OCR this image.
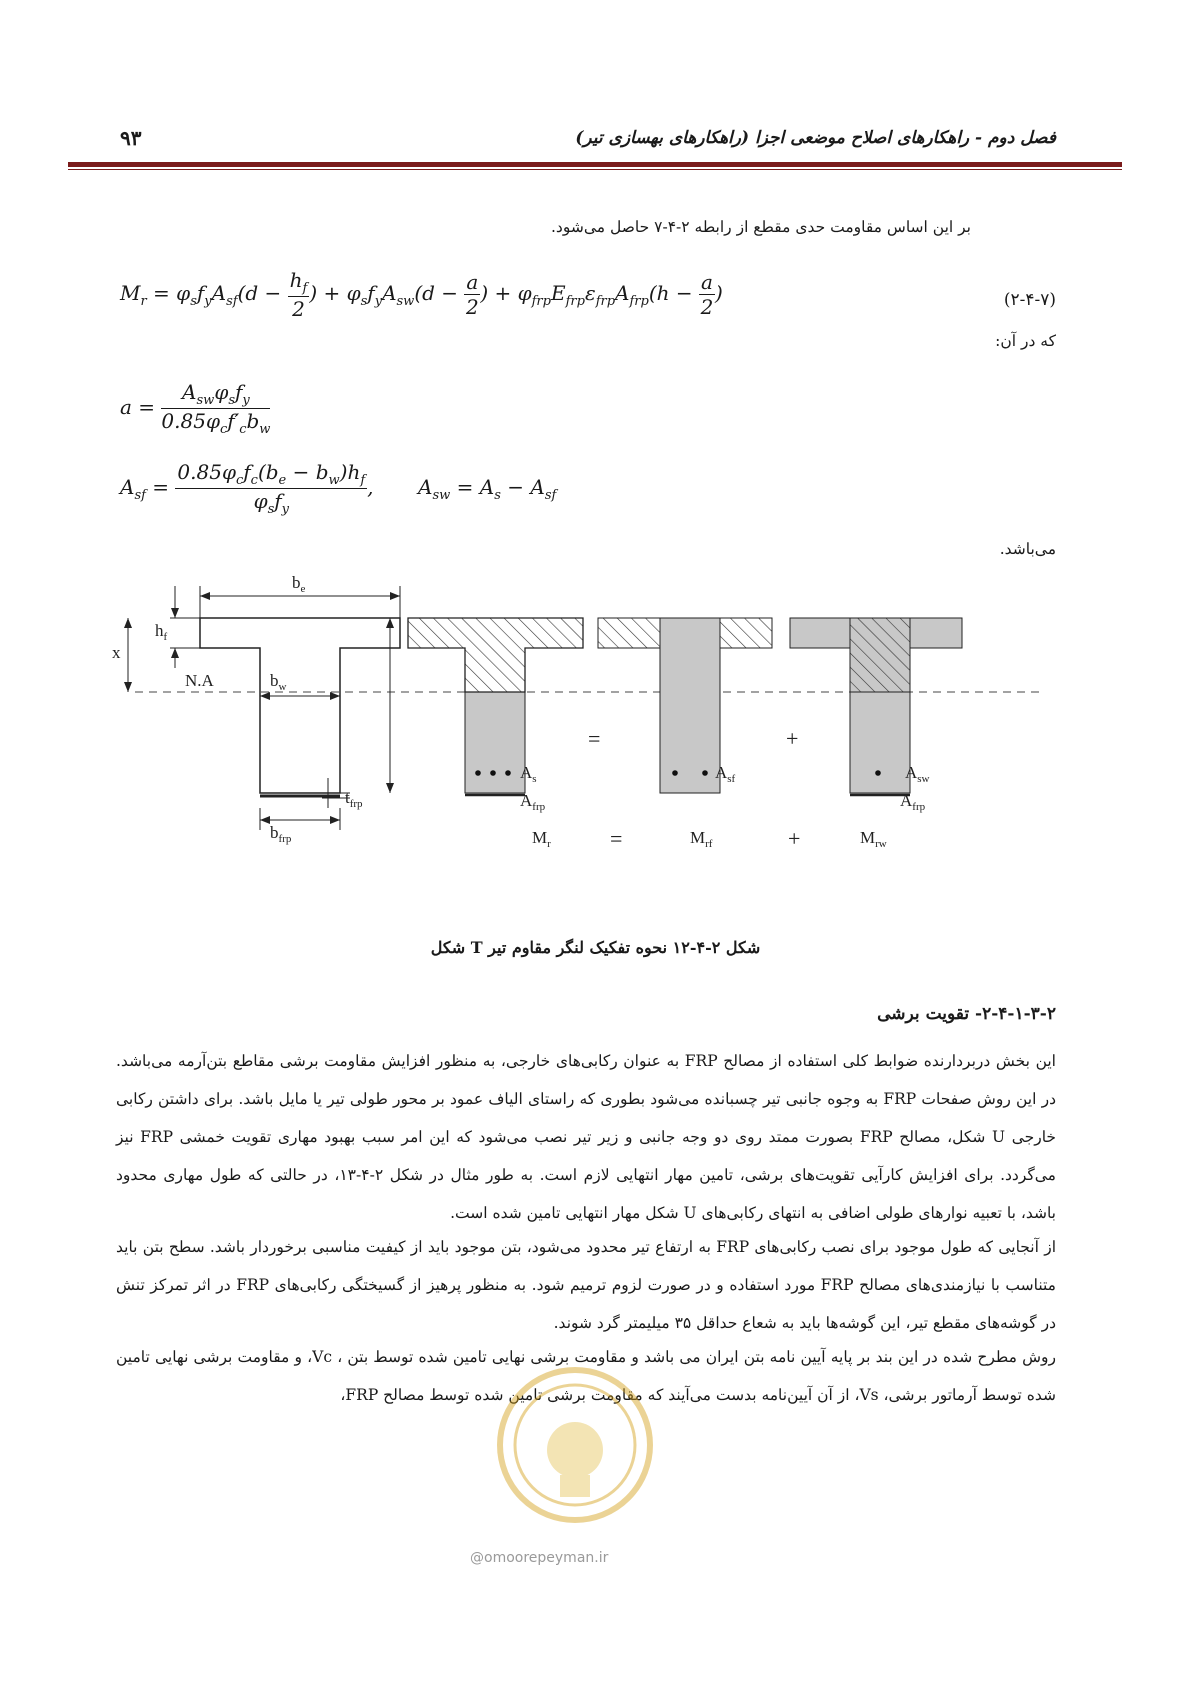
فصل دوم - راهکارهای اصلاح موضعی اجزا (راهکارهای بهسازی تیر)
۹۳
بر این اساس مقاومت حدی مقطع از رابطه ۲-۴-۷ حاصل می‌شود.
$M_r = \varphi_sf_yA_{sf}(d - \frac{h_f}{2}$ ) + $\varphi_sf_yA_{sw}(d - \frac{a}{2}$ ) + $\varphi_{frp}E_{frp}\varepsilon_{frp}A_{frp}(h - \frac{a}{2}$ )	(۲-۴-۷)
که در آن:
$a = \frac{A_{sw}\varphi_sf_y}{0.85\varphi_cf'_cb_w}$
$A_{sf} = \frac{0.85\varphi_cf_c(b_e - b_w)h_f}{\varphi_sf_y}$ ,       $A_{sw} = A_s - A_{sf}$
می‌باشد.
$b_e$
$h_f$
x
N.A	$b_w$
$t_{frp}$
$b_{frp}$
$A_s$
$A_{frp}$
=
$A_{sf}$
+
$A_{sw}$
$A_{frp}$
$M_r$	=	$M_{rf}$	+	$M_{rw}$
شکل ۲-۴-۱۲ نحوه تفکیک لنگر مقاوم تیر T شکل
۲-۴-۱-۳-۲- تقویت برشی
این بخش دربردارنده ضوابط کلی استفاده از مصالح FRP به عنوان رکابی‌های خارجی، به منظور افزایش مقاومت برشی مقاطع بتن‌آرمه می‌باشد. در این روش صفحات FRP به وجوه جانبی تیر چسبانده می‌شود بطوری که راستای الیاف عمود بر محور طولی تیر یا مایل باشد. برای داشتن رکابی خارجی U شکل، مصالح FRP بصورت ممتد روی دو وجه جانبی و زیر تیر نصب می‌شود که این امر سبب بهبود مهاری تقویت خمشی FRP نیز می‌گردد. برای افزایش کارآیی تقویت‌های برشی، تامین مهار انتهایی لازم است. به طور مثال در شکل ۲-۴-۱۳، در حالتی که طول مهاری محدود باشد، با تعبیه نوارهای طولی اضافی به انتهای رکابی‌های U شکل مهار انتهایی تامین شده است.
از آنجایی که طول موجود برای نصب رکابی‌های FRP به ارتفاع تیر محدود می‌شود، بتن موجود باید از کیفیت مناسبی برخوردار باشد. سطح بتن باید متناسب با نیازمندی‌های مصالح FRP مورد استفاده و در صورت لزوم ترمیم شود. به منظور پرهیز از گسیختگی رکابی‌های FRP در اثر تمرکز تنش در گوشه‌های مقطع تیر، این گوشه‌ها باید به شعاع حداقل ۳۵ میلیمتر گرد شوند.
روش مطرح شده در این بند بر پایه آیین نامه بتن ایران می باشد و مقاومت برشی نهایی تامین شده توسط بتن ، Vc، و مقاومت برشی نهایی تامین شده توسط آرماتور برشی، Vs، از آن آیین‌نامه بدست می‌آیند که مقاومت برشی تامین شده توسط مصالح FRP،
@omoorepeyman.ir
